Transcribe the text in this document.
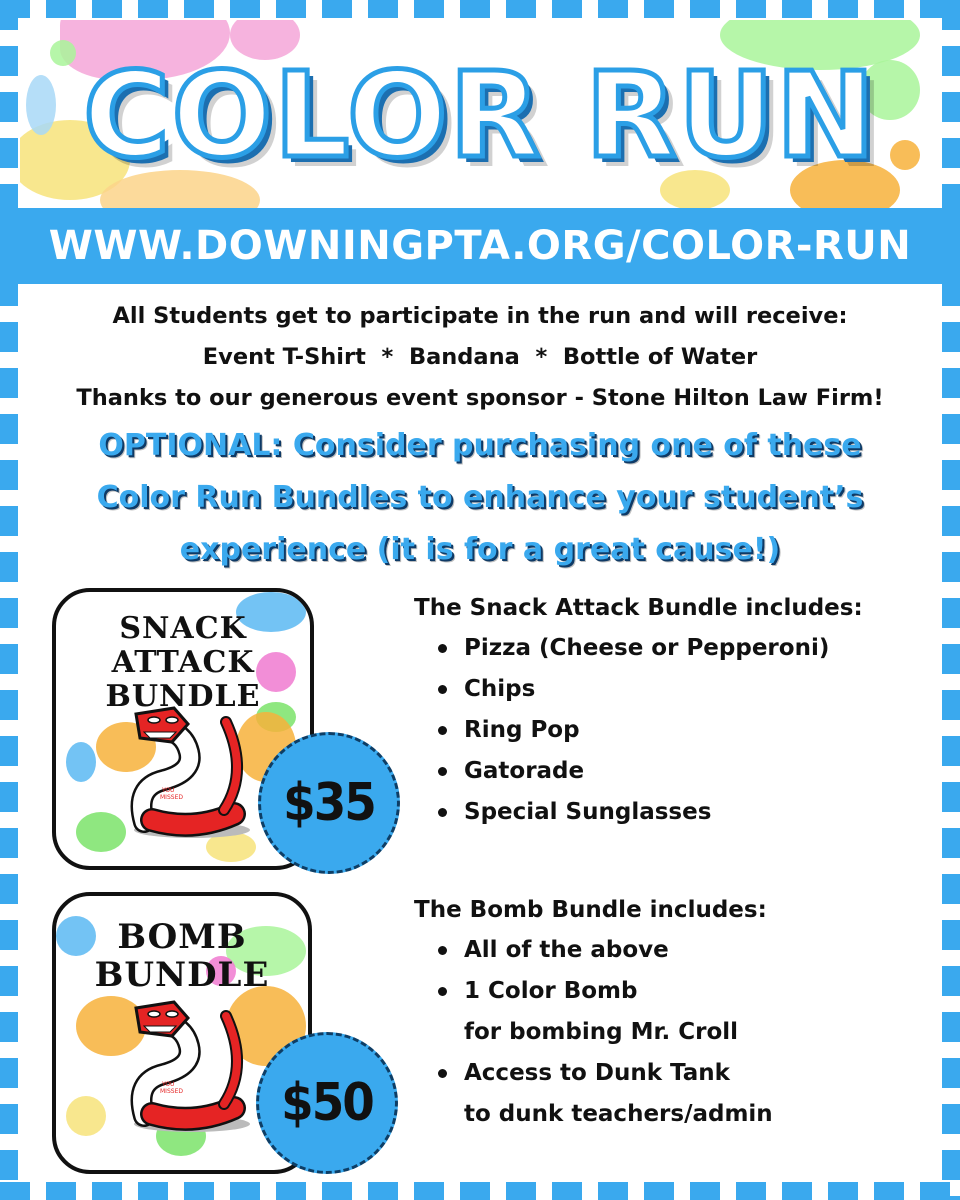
COLOR RUN
WWW.DOWNINGPTA.ORG/COLOR-RUN
All Students get to participate in the run and will receive:
Event T-Shirt  *  Bandana  *  Bottle of Water
Thanks to our generous event sponsor - Stone Hilton Law Firm!
OPTIONAL: Consider purchasing one of these
Color Run Bundles to enhance your student’s
experience (it is for a great cause!)
SNACK
ATTACK
BUNDLE
YOU
MISSED	$35
The Snack Attack Bundle includes:
Pizza (Cheese or Pepperoni)
Chips
Ring Pop
Gatorade
Special Sunglasses
BOMB
BUNDLE
YOU
MISSED	$50
The Bomb Bundle includes:
All of the above
1 Color Bomb
for bombing Mr. Croll
Access to Dunk Tank
to dunk teachers/admin
